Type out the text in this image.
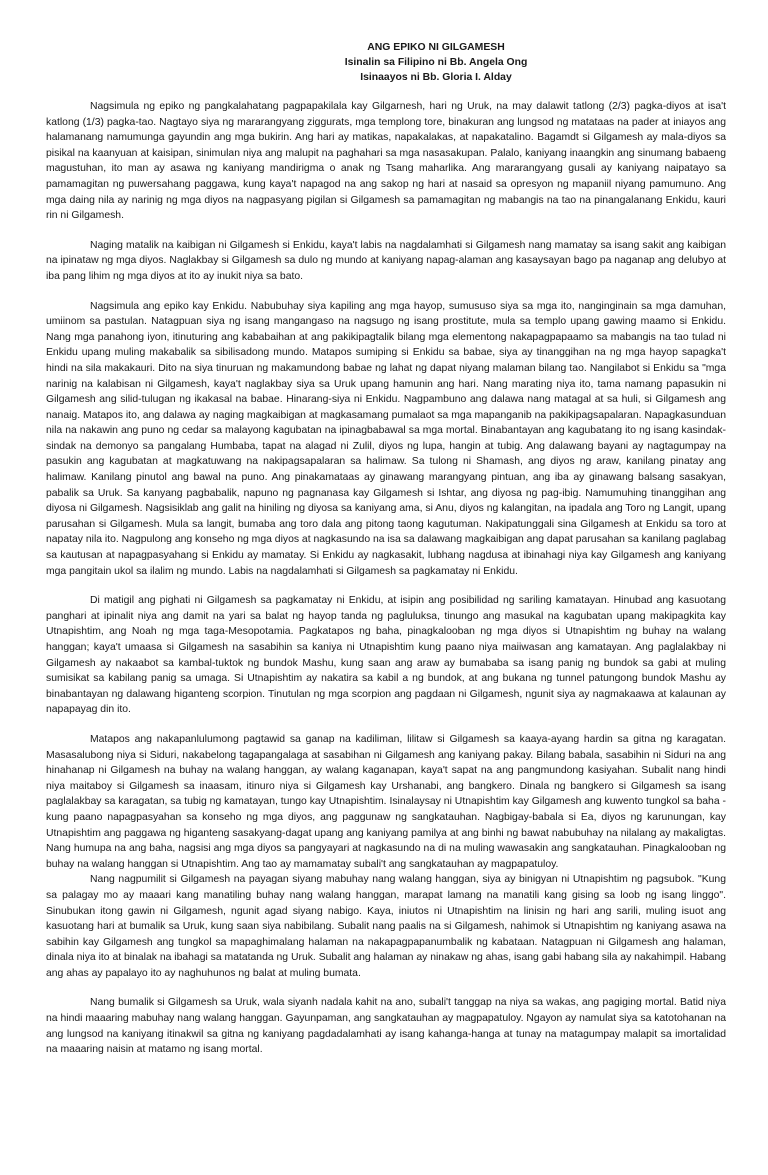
ANG EPIKO NI GILGAMESH
Isinalin sa Filipino ni Bb. Angela Ong
Isinaayos ni Bb. Gloria I. Alday

Nagsimula ng epiko ng pangkalahatang pagpapakilala kay Gilgarnesh, hari ng Uruk, na may dalawit tatlong (2/3) pagka-diyos at isa't katlong (1/3) pagka-tao. Nagtayo siya ng mararangyang ziggurats, mga templong tore, binakuran ang lungsod ng matataas na pader at iniayos ang halamanang namumunga gayundin ang mga bukirin. Ang hari ay matikas, napakalakas, at napakatalino. Bagamdt si Gilgamesh ay mala-diyos sa pisikal na kaanyuan at kaisipan, sinimulan niya ang malupit na paghahari sa mga nasasakupan. Palalo, kaniyang inaangkin ang sinumang babaeng magustuhan, ito man ay asawa ng kaniyang mandirigma o anak ng Tsang maharlika. Ang mararangyang gusali ay kaniyang naipatayo sa pamamagitan ng puwersahang paggawa, kung kaya't napagod na ang sakop ng hari at nasaid sa opresyon ng mapaniil niyang pamumuno. Ang mga daing nila ay narinig ng mga diyos na nagpasyang pigilan si Gilgamesh sa pamamagitan ng mabangis na tao na pinangalanang Enkidu, kauri rin ni Gilgamesh.

Naging matalik na kaibigan ni Gilgamesh si Enkidu, kaya't labis na nagdalamhati si Gilgamesh nang mamatay sa isang sakit ang kaibigan na ipinataw ng mga diyos. Naglakbay si Gilgamesh sa dulo ng mundo at kaniyang napag-alaman ang kasaysayan bago pa naganap ang delubyo at iba pang lihim ng mga diyos at ito ay inukit niya sa bato.

Nagsimula ang epiko kay Enkidu. Nabubuhay siya kapiling ang mga hayop, sumususo siya sa mga ito, nanginginain sa mga damuhan, umiinom sa pastulan. Natagpuan siya ng isang mangangaso na nagsugo ng isang prostitute, mula sa templo upang gawing maamo si Enkidu. Nang mga panahong iyon, itinuturing ang kababaihan at ang pakikipagtalik bilang mga elementong nakapagpapaamo sa mabangis na tao tulad ni Enkidu upang muling makabalik sa sibilisadong mundo. Matapos sumiping si Enkidu sa babae, siya ay tinanggihan na ng mga hayop sapagka't hindi na sila makakauri. Dito na siya tinuruan ng makamundong babae ng lahat ng dapat niyang malaman bilang tao. Nangilabot si Enkidu sa "mga narinig na kalabisan ni Gilgamesh, kaya't naglakbay siya sa Uruk upang hamunin ang hari. Nang marating niya ito, tama namang papasukin ni Gilgamesh ang silid-tulugan ng ikakasal na babae. Hinarang-siya ni Enkidu. Nagpambuno ang dalawa nang matagal at sa huli, si Gilgamesh ang nanaig. Matapos ito, ang dalawa ay naging magkaibigan at magkasamang pumalaot sa mga mapanganib na pakikipagsapalaran. Napagkasunduan nila na nakawin ang puno ng cedar sa malayong kagubatan na ipinagbabawal sa mga mortal. Binabantayan ang kagubatang ito ng isang kasindak-sindak na demonyo sa pangalang Humbaba, tapat na alagad ni Zulil, diyos ng lupa, hangin at tubig. Ang dalawang bayani ay nagtagumpay na pasukin ang kagubatan at magkatuwang na nakipagsapalaran sa halimaw. Sa tulong ni Shamash, ang diyos ng araw, kanilang pinatay ang halimaw. Kanilang pinutol ang bawal na puno. Ang pinakamataas ay ginawang marangyang pintuan, ang iba ay ginawang balsang sasakyan, pabalik sa Uruk. Sa kanyang pagbabalik, napuno ng pagnanasa kay Gilgamesh si Ishtar, ang diyosa ng pag-ibig. Namumuhing tinanggihan ang diyosa ni Gilgamesh. Nagsisiklab ang galit na hiniling ng diyosa sa kaniyang ama, si Anu, diyos ng kalangitan, na ipadala ang Toro ng Langit, upang parusahan si Gilgamesh. Mula sa langit, bumaba ang toro dala ang pitong taong kagutuman. Nakipatunggali sina Gilgamesh at Enkidu sa toro at napatay nila ito. Nagpulong ang konseho ng mga diyos at nagkasundo na isa sa dalawang magkaibigan ang dapat parusahan sa kanilang paglabag sa kautusan at napagpasyahang si Enkidu ay mamatay. Si Enkidu ay nagkasakit, lubhang nagdusa at ibinahagi niya kay Gilgamesh ang kaniyang mga pangitain ukol sa ilalim ng mundo. Labis na nagdalamhati si Gilgamesh sa pagkamatay ni Enkidu.

Di matigil ang pighati ni Gilgamesh sa pagkamatay ni Enkidu, at isipin ang posibilidad ng sariling kamatayan. Hinubad ang kasuotang panghari at ipinalit niya ang damit na yari sa balat ng hayop tanda ng pagluluksa, tinungo ang masukal na kagubatan upang makipagkita kay Utnapishtim, ang Noah ng mga taga-Mesopotamia. Pagkatapos ng baha, pinagkalooban ng mga diyos si Utnapishtim ng buhay na walang hanggan; kaya't umaasa si Gilgamesh na sasabihin sa kaniya ni Utnapishtim kung paano niya maiiwasan ang kamatayan. Ang paglalakbay ni Gilgamesh ay nakaabot sa kambal-tuktok ng bundok Mashu, kung saan ang araw ay bumababa sa isang panig ng bundok sa gabi at muling sumisikat sa kabilang panig sa umaga. Si Utnapishtim ay nakatira sa kabil a ng bundok, at ang bukana ng tunnel patungong bundok Mashu ay binabantayan ng dalawang higanteng scorpion. Tinutulan ng mga scorpion ang pagdaan ni Gilgamesh, ngunit siya ay nagmakaawa at kalaunan ay napapayag din ito.

Matapos ang nakapanlulumong pagtawid sa ganap na kadiliman, lilitaw si Gilgamesh sa kaaya-ayang hardin sa gitna ng karagatan. Masasalubong niya si Siduri, nakabelong tagapangalaga at sasabihan ni Gilgamesh ang kaniyang pakay. Bilang babala, sasabihin ni Siduri na ang hinahanap ni Gilgamesh na buhay na walang hanggan, ay walang kaganapan, kaya't sapat na ang pangmundong kasiyahan. Subalit nang hindi niya maitaboy si Gilgamesh sa inaasam, itinuro niya si Gilgamesh kay Urshanabi, ang bangkero. Dinala ng bangkero si Gilgamesh sa isang paglalakbay sa karagatan, sa tubig ng kamatayan, tungo kay Utnapishtim. Isinalaysay ni Utnapishtim kay Gilgamesh ang kuwento tungkol sa baha - kung paano napagpasyahan sa konseho ng mga diyos, ang paggunaw ng sangkatauhan. Nagbigay-babala si Ea, diyos ng karunungan, kay Utnapishtim ang paggawa ng higanteng sasakyang-dagat upang ang kaniyang pamilya at ang binhi ng bawat nabubuhay na nilalang ay makaligtas. Nang humupa na ang baha, nagsisi ang mga diyos sa pangyayari at nagkasundo na di na muling wawasakin ang sangkatauhan. Pinagkalooban ng buhay na walang hanggan si Utnapishtim. Ang tao ay mamamatay subali't ang sangkatauhan ay magpapatuloy.

Nang nagpumilit si Gilgamesh na payagan siyang mabuhay nang walang hanggan, siya ay binigyan ni Utnapishtim ng pagsubok. "Kung sa palagay mo ay maaari kang manatiling buhay nang walang hanggan, marapat lamang na manatili kang gising sa loob ng isang linggo". Sinubukan itong gawin ni Gilgamesh, ngunit agad siyang nabigo. Kaya, iniutos ni Utnapishtim na linisin ng hari ang sarili, muling isuot ang kasuotang hari at bumalik sa Uruk, kung saan siya nabibilang. Subalit nang paalis na si Gilgamesh, nahimok si Utnapishtim ng kaniyang asawa na sabihin kay Gilgamesh ang tungkol sa mapaghimalang halaman na nakapagpapanumbalik ng kabataan. Natagpuan ni Gilgamesh ang halaman, dinala niya ito at binalak na ibahagi sa matatanda ng Uruk. Subalit ang halaman ay ninakaw ng ahas, isang gabi habang sila ay nakahimpil. Habang ang ahas ay papalayo ito ay naghuhunos ng balat at muling bumata.

Nang bumalik si Gilgamesh sa Uruk, wala siyanh nadala kahit na ano, subali't tanggap na niya sa wakas, ang pagiging mortal. Batid niya na hindi maaaring mabuhay nang walang hanggan. Gayunpaman, ang sangkatauhan ay magpapatuloy. Ngayon ay namulat siya sa katotohanan na ang lungsod na kaniyang itinakwil sa gitna ng kaniyang pagdadalamhati ay isang kahanga-hanga at tunay na matagumpay malapit sa imortalidad na maaaring naisin at matamo ng isang mortal.
